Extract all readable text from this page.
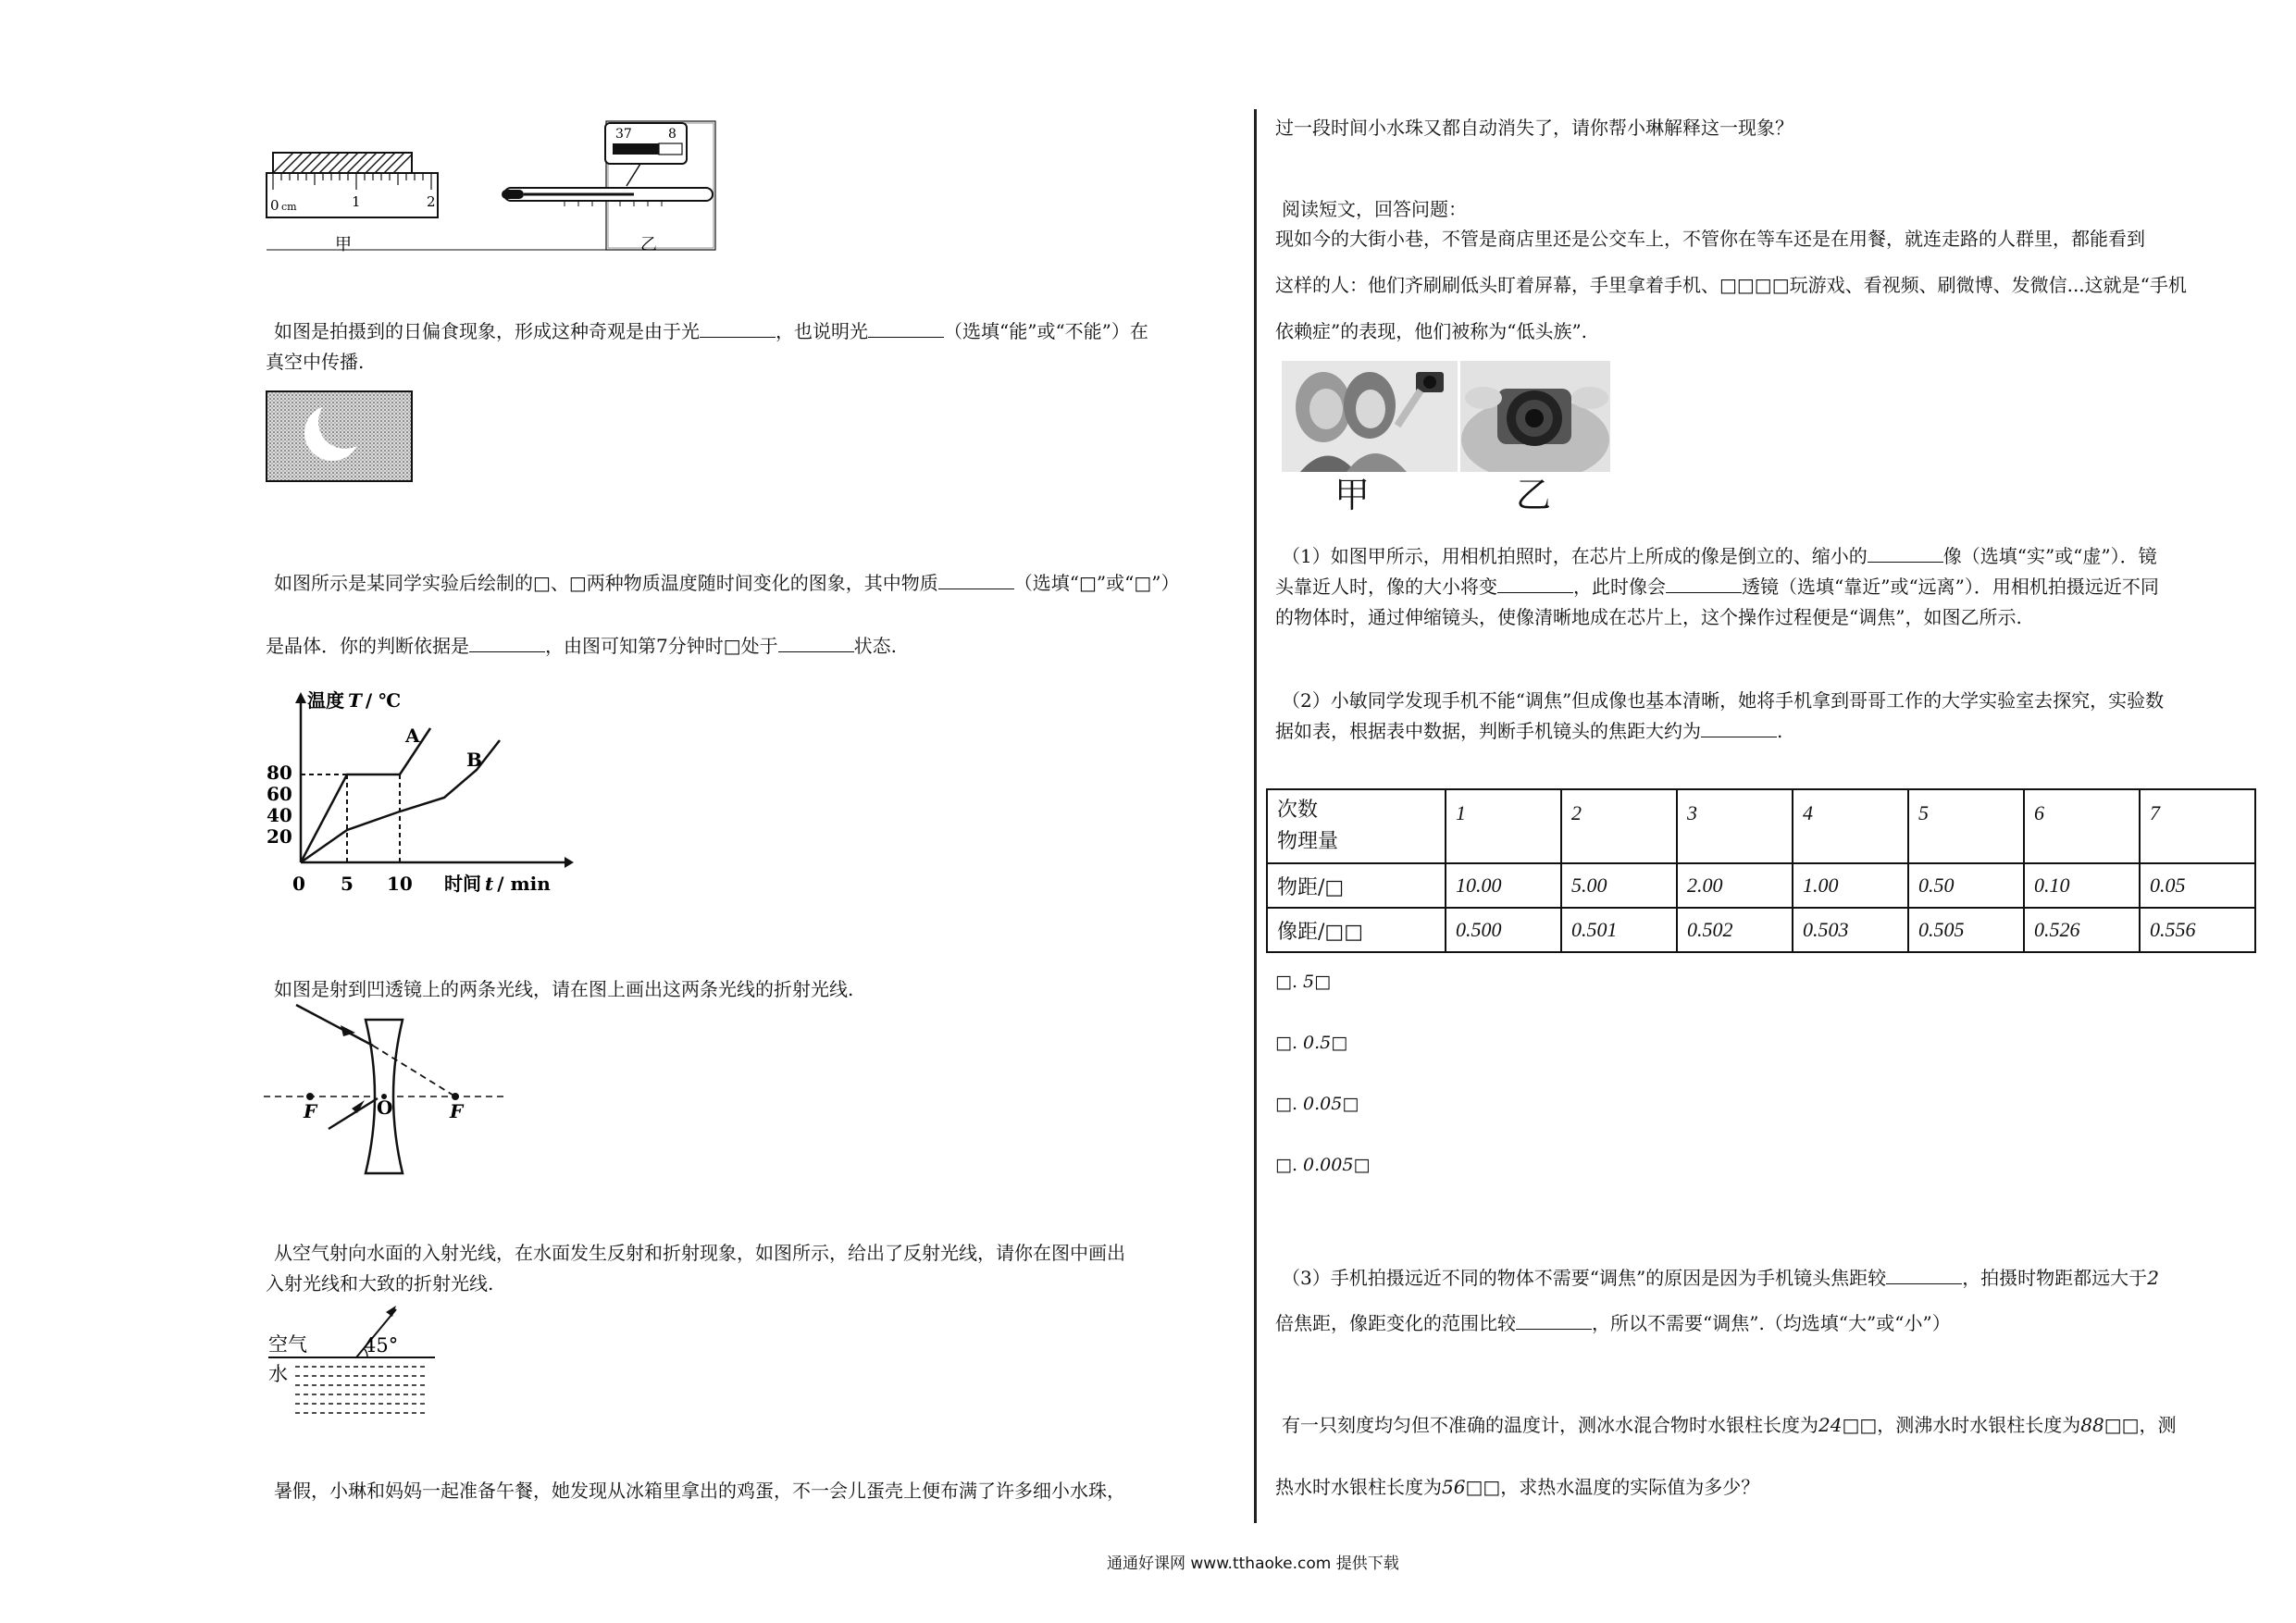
0 cm	1	2
甲
37	8
乙
如图是拍摄到的日偏食现象，形成这种奇观是由于光	，也说明光	（选填“能”或“不能”）在
真空中传播.
如图所示是某同学实验后绘制的□、□两种物质温度随时间变化的图象，其中物质	（选填“□”或“□”）
是晶体．你的判断依据是	，由图可知第7分钟时□处于	状态.
温度 T / ℃
时间 t / min
80
60
40
20
0 5 10
A
B
如图是射到凹透镜上的两条光线，请在图上画出这两条光线的折射光线.
F	F
O
从空气射向水面的入射光线，在水面发生反射和折射现象，如图所示，给出了反射光线，请你在图中画出
入射光线和大致的折射光线.
空气	45°
水
暑假，小琳和妈妈一起准备午餐，她发现从冰箱里拿出的鸡蛋，不一会儿蛋壳上便布满了许多细小水珠，
过一段时间小水珠又都自动消失了，请你帮小琳解释这一现象？
阅读短文，回答问题：
现如今的大街小巷，不管是商店里还是公交车上，不管你在等车还是在用餐，就连走路的人群里，都能看到
这样的人：他们齐刷刷低头盯着屏幕，手里拿着手机、□□□□玩游戏、看视频、刷微博、发微信...这就是“手机
依赖症”的表现，他们被称为“低头族”.
甲	乙
（1）如图甲所示，用相机拍照时，在芯片上所成的像是倒立的、缩小的	像（选填“实”或“虚”）．镜
头靠近人时，像的大小将变	，此时像会	透镜（选填“靠近”或“远离”）．用相机拍摄远近不同
的物体时，通过伸缩镜头，使像清晰地成在芯片上，这个操作过程便是“调焦”，如图乙所示.
（2）小敏同学发现手机不能“调焦”但成像也基本清晰，她将手机拿到哥哥工作的大学实验室去探究，实验数
据如表，根据表中数据，判断手机镜头的焦距大约为	.
次数
物理量	1	2	3	4	5	6	7
物距/□	10.00	5.00	2.00	1.00	0.50	0.10	0.05
像距/□□	0.500	0.501	0.502	0.503	0.505	0.526	0.556
□. 5□
□. 0.5□
□. 0.05□
□. 0.005□
（3）手机拍摄远近不同的物体不需要“调焦”的原因是因为手机镜头焦距较	，拍摄时物距都远大于2
倍焦距，像距变化的范围比较	，所以不需要“调焦”.（均选填“大”或“小”）
有一只刻度均匀但不准确的温度计，测冰水混合物时水银柱长度为24□□，测沸水时水银柱长度为88□□，测
热水时水银柱长度为56□□，求热水温度的实际值为多少？
通通好课网 www.tthaoke.com 提供下载
